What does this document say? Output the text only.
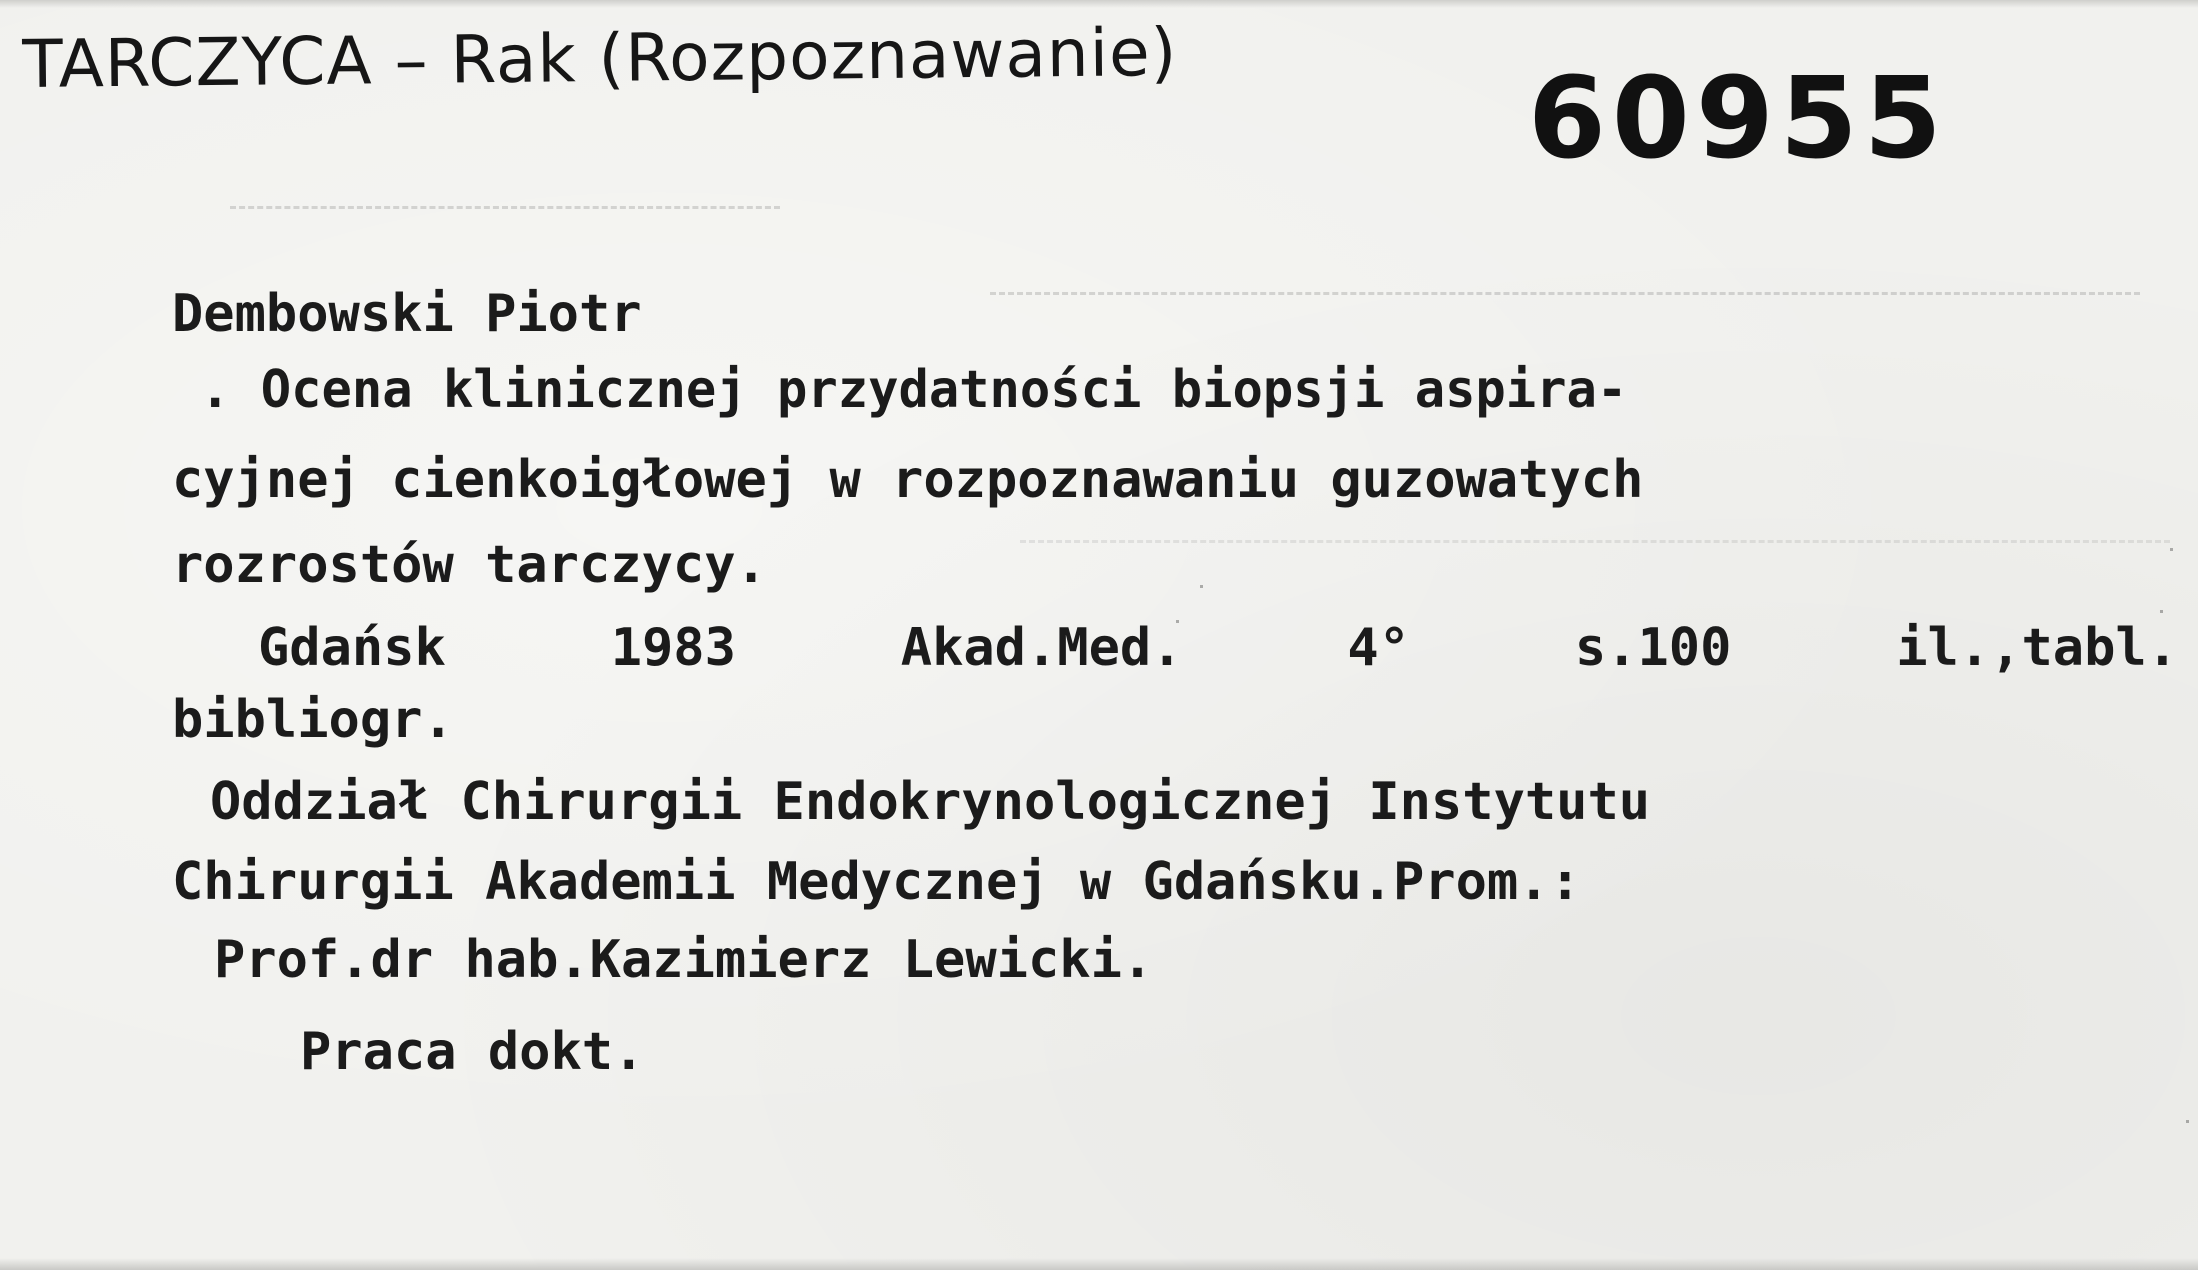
TARCZYCA – Rak (Rozpoznawanie)	60955
Dembowski Piotr
. Ocena klinicznej przydatności biopsji aspira-
cyjnej cienkoigłowej w rozpoznawaniu guzowatych
rozrostów tarczycy.
Gdańsk	1983	Akad.Med.	4°	s.100	il.,tabl.
bibliogr.
Oddział Chirurgii Endokrynologicznej Instytutu
Chirurgii Akademii Medycznej w Gdańsku.Prom.:
Prof.dr hab.Kazimierz Lewicki.
Praca dokt.
